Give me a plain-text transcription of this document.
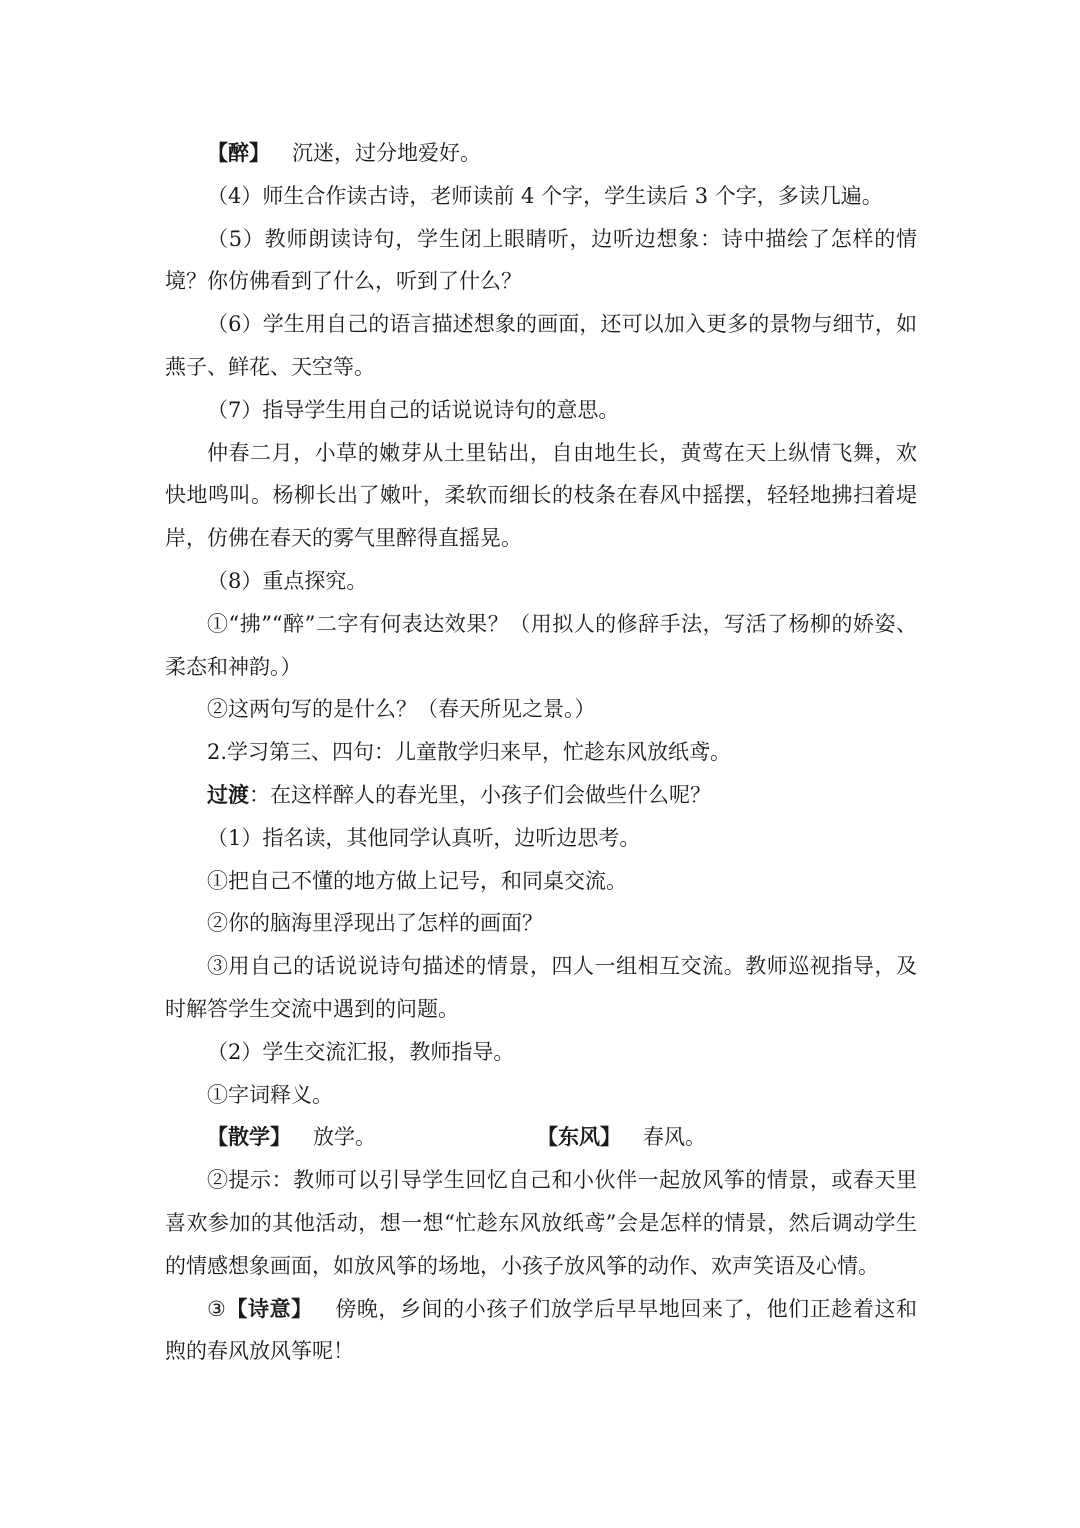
【醉】 沉迷，过分地爱好。

（4）师生合作读古诗，老师读前 4 个字，学生读后 3 个字，多读几遍。

（5）教师朗读诗句，学生闭上眼睛听，边听边想象：诗中描绘了怎样的情境？你仿佛看到了什么，听到了什么？

（6）学生用自己的语言描述想象的画面，还可以加入更多的景物与细节，如燕子、鲜花、天空等。

（7）指导学生用自己的话说说诗句的意思。

仲春二月，小草的嫩芽从土里钻出，自由地生长，黄莺在天上纵情飞舞，欢快地鸣叫。杨柳长出了嫩叶，柔软而细长的枝条在春风中摇摆，轻轻地拂扫着堤岸，仿佛在春天的雾气里醉得直摇晃。

（8）重点探究。

①“拂”“醉”二字有何表达效果？（用拟人的修辞手法，写活了杨柳的娇姿、柔态和神韵。）

②这两句写的是什么？（春天所见之景。）

2.学习第三、四句：儿童散学归来早，忙趁东风放纸鸢。

过渡：在这样醉人的春光里，小孩子们会做些什么呢？

（1）指名读，其他同学认真听，边听边思考。

①把自己不懂的地方做上记号，和同桌交流。

②你的脑海里浮现出了怎样的画面？

③用自己的话说说诗句描述的情景，四人一组相互交流。教师巡视指导，及时解答学生交流中遇到的问题。

（2）学生交流汇报，教师指导。

①字词释义。

【散学】 放学。	【东风】 春风。

②提示：教师可以引导学生回忆自己和小伙伴一起放风筝的情景，或春天里喜欢参加的其他活动，想一想“忙趁东风放纸鸢”会是怎样的情景，然后调动学生的情感想象画面，如放风筝的场地，小孩子放风筝的动作、欢声笑语及心情。

③【诗意】 傍晚，乡间的小孩子们放学后早早地回来了，他们正趁着这和煦的春风放风筝呢！
